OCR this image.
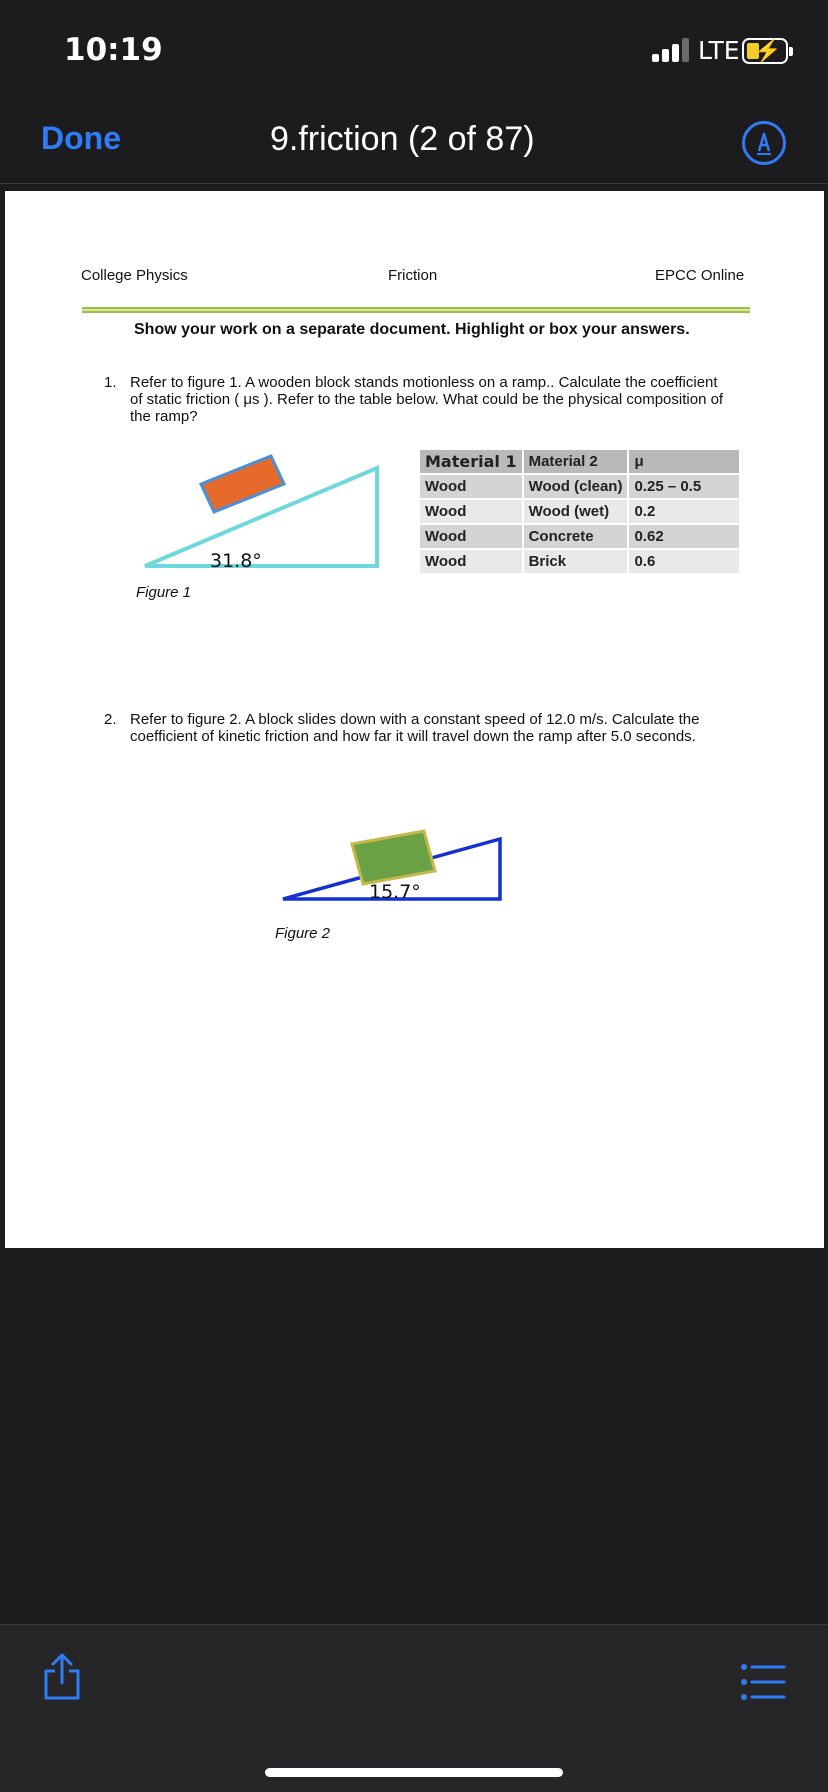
10:19	LTE ⚡
Done	9.friction (2 of 87)
College Physics	Friction	EPCC Online
Show your work on a separate document. Highlight or box your answers.
1. Refer to figure 1. A wooden block stands motionless on a ramp.. Calculate the coefficient
of static friction ( μs ). Refer to the table below. What could be the physical composition of
the ramp?
31.8°
Figure 1
Material 1	Material 2	μ
Wood	Wood (clean)	0.25 – 0.5
Wood	Wood (wet)	0.2
Wood	Concrete	0.62
Wood	Brick	0.6
2. Refer to figure 2. A block slides down with a constant speed of 12.0 m/s. Calculate the
coefficient of kinetic friction and how far it will travel down the ramp after 5.0 seconds.
15.7°
Figure 2
